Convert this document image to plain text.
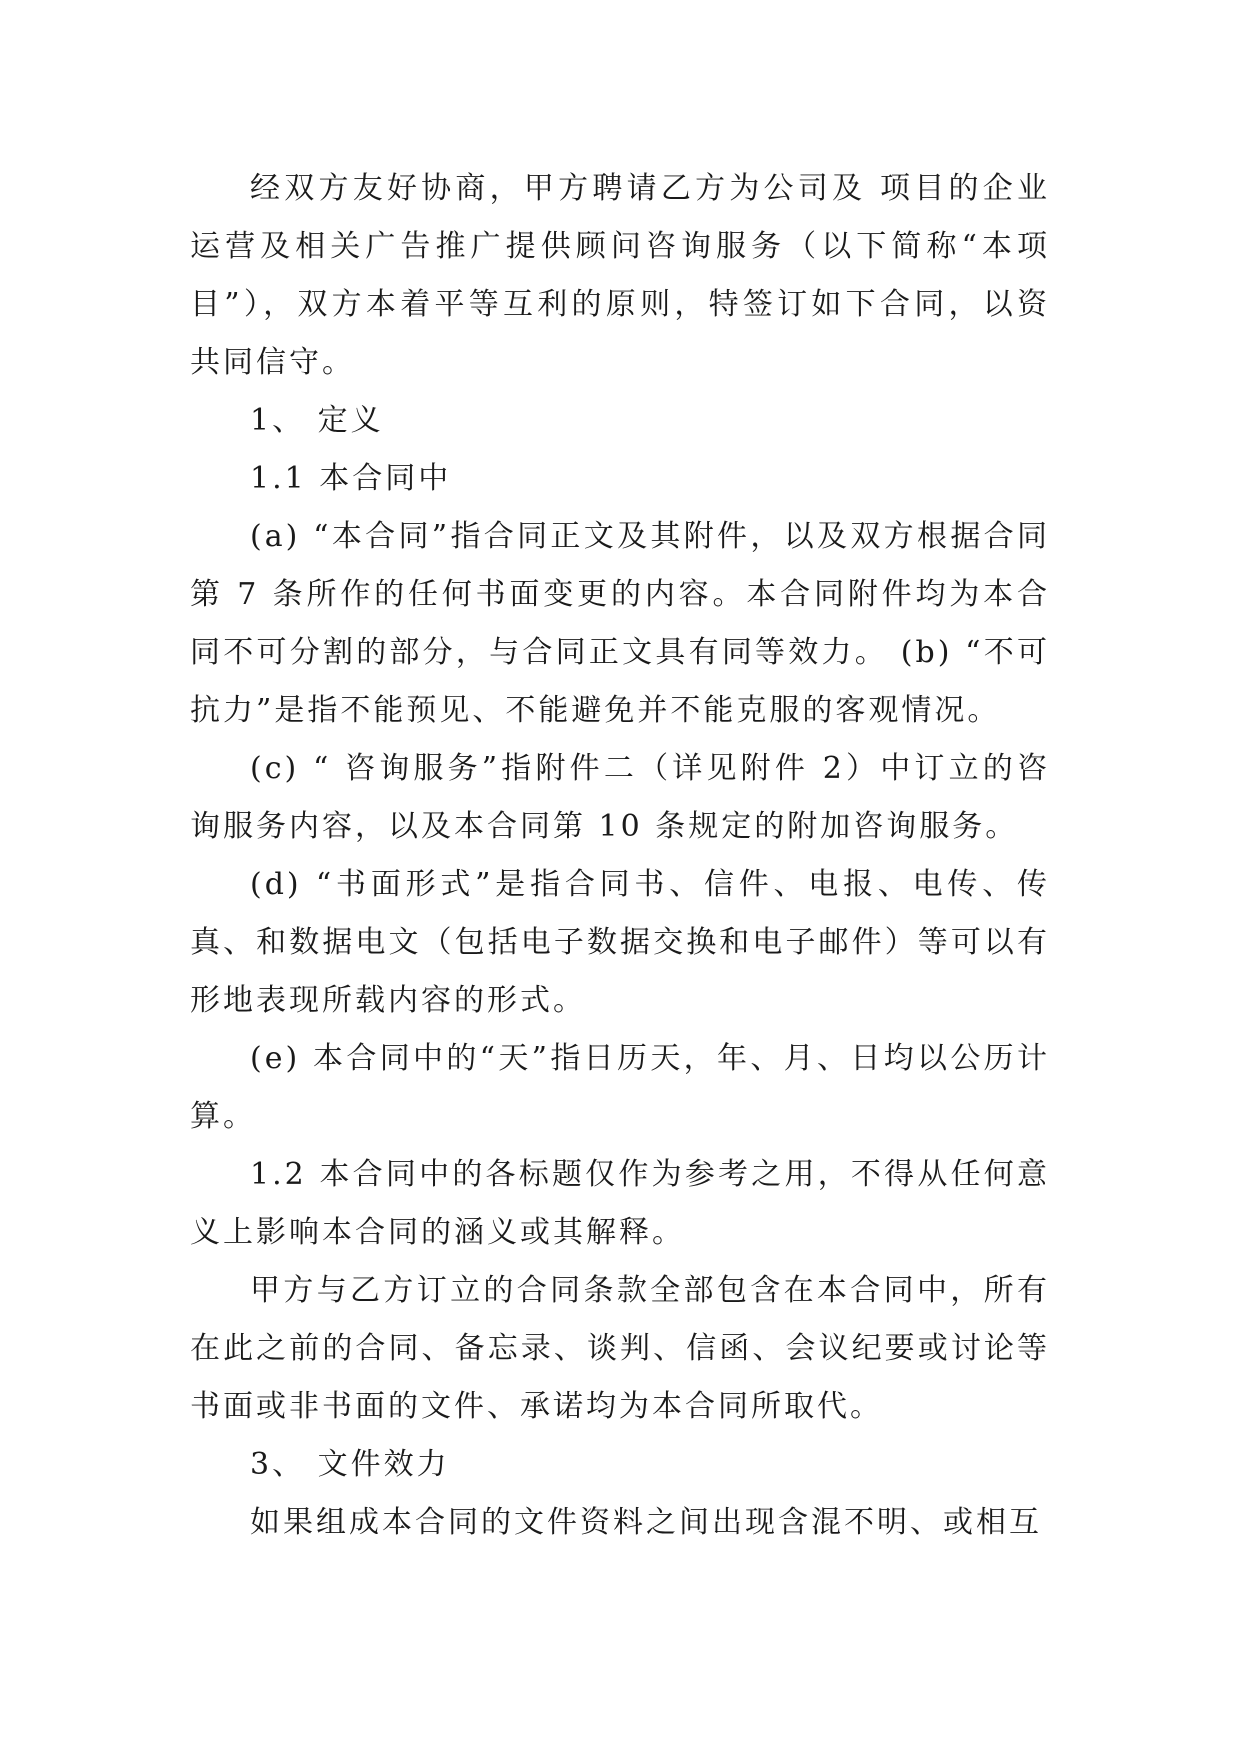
经双方友好协商，甲方聘请乙方为公司及 项目的企业运营及相关广告推广提供顾问咨询服务（以下简称“本项目”），双方本着平等互利的原则，特签订如下合同，以资共同信守。

1、 定义

1.1 本合同中

(a) “本合同”指合同正文及其附件，以及双方根据合同第 7 条所作的任何书面变更的内容。本合同附件均为本合同不可分割的部分，与合同正文具有同等效力。 (b) “不可抗力”是指不能预见、不能避免并不能克服的客观情况。

(c) “ 咨询服务”指附件二（详见附件 2）中订立的咨询服务内容，以及本合同第 10 条规定的附加咨询服务。

(d) “书面形式”是指合同书、信件、电报、电传、传真、和数据电文（包括电子数据交换和电子邮件）等可以有形地表现所载内容的形式。

(e) 本合同中的“天”指日历天，年、月、日均以公历计算。

1.2 本合同中的各标题仅作为参考之用，不得从任何意义上影响本合同的涵义或其解释。

甲方与乙方订立的合同条款全部包含在本合同中，所有在此之前的合同、备忘录、谈判、信函、会议纪要或讨论等书面或非书面的文件、承诺均为本合同所取代。

3、 文件效力

如果组成本合同的文件资料之间出现含混不明、或相互
